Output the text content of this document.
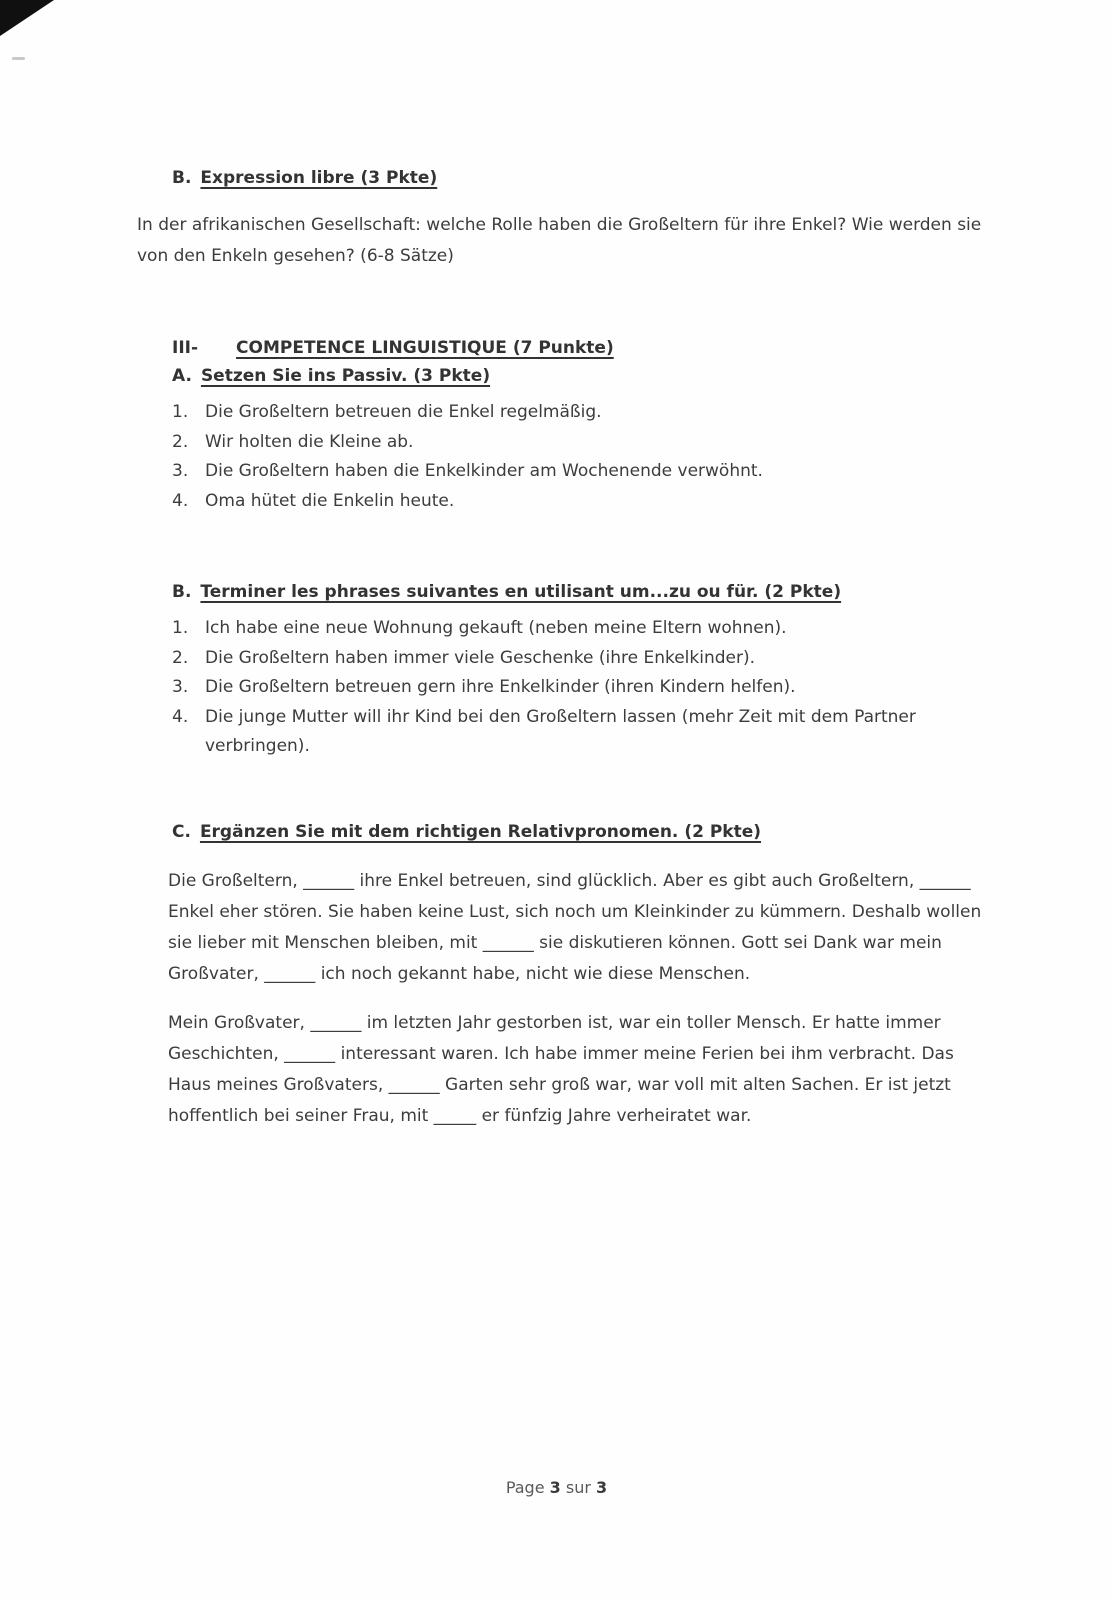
B. Expression libre (3 Pkte)

In der afrikanischen Gesellschaft: welche Rolle haben die Großeltern für ihre Enkel? Wie werden sie von den Enkeln gesehen? (6-8 Sätze)

III- COMPETENCE LINGUISTIQUE (7 Punkte)
A. Setzen Sie ins Passiv. (3 Pkte)
1. Die Großeltern betreuen die Enkel regelmäßig.
2. Wir holten die Kleine ab.
3. Die Großeltern haben die Enkelkinder am Wochenende verwöhnt.
4. Oma hütet die Enkelin heute.
B. Terminer les phrases suivantes en utilisant um...zu ou für. (2 Pkte)
1. Ich habe eine neue Wohnung gekauft (neben meine Eltern wohnen).
2. Die Großeltern haben immer viele Geschenke (ihre Enkelkinder).
3. Die Großeltern betreuen gern ihre Enkelkinder (ihren Kindern helfen).
4. Die junge Mutter will ihr Kind bei den Großeltern lassen (mehr Zeit mit dem Partner verbringen).
C. Ergänzen Sie mit dem richtigen Relativpronomen. (2 Pkte)

Die Großeltern, ______ ihre Enkel betreuen, sind glücklich. Aber es gibt auch Großeltern, ______ Enkel eher stören. Sie haben keine Lust, sich noch um Kleinkinder zu kümmern. Deshalb wollen sie lieber mit Menschen bleiben, mit ______ sie diskutieren können. Gott sei Dank war mein Großvater, ______ ich noch gekannt habe, nicht wie diese Menschen.

Mein Großvater, ______ im letzten Jahr gestorben ist, war ein toller Mensch. Er hatte immer Geschichten, ______ interessant waren. Ich habe immer meine Ferien bei ihm verbracht. Das Haus meines Großvaters, ______ Garten sehr groß war, war voll mit alten Sachen. Er ist jetzt hoffentlich bei seiner Frau, mit _____ er fünfzig Jahre verheiratet war.

Page 3 sur 3
